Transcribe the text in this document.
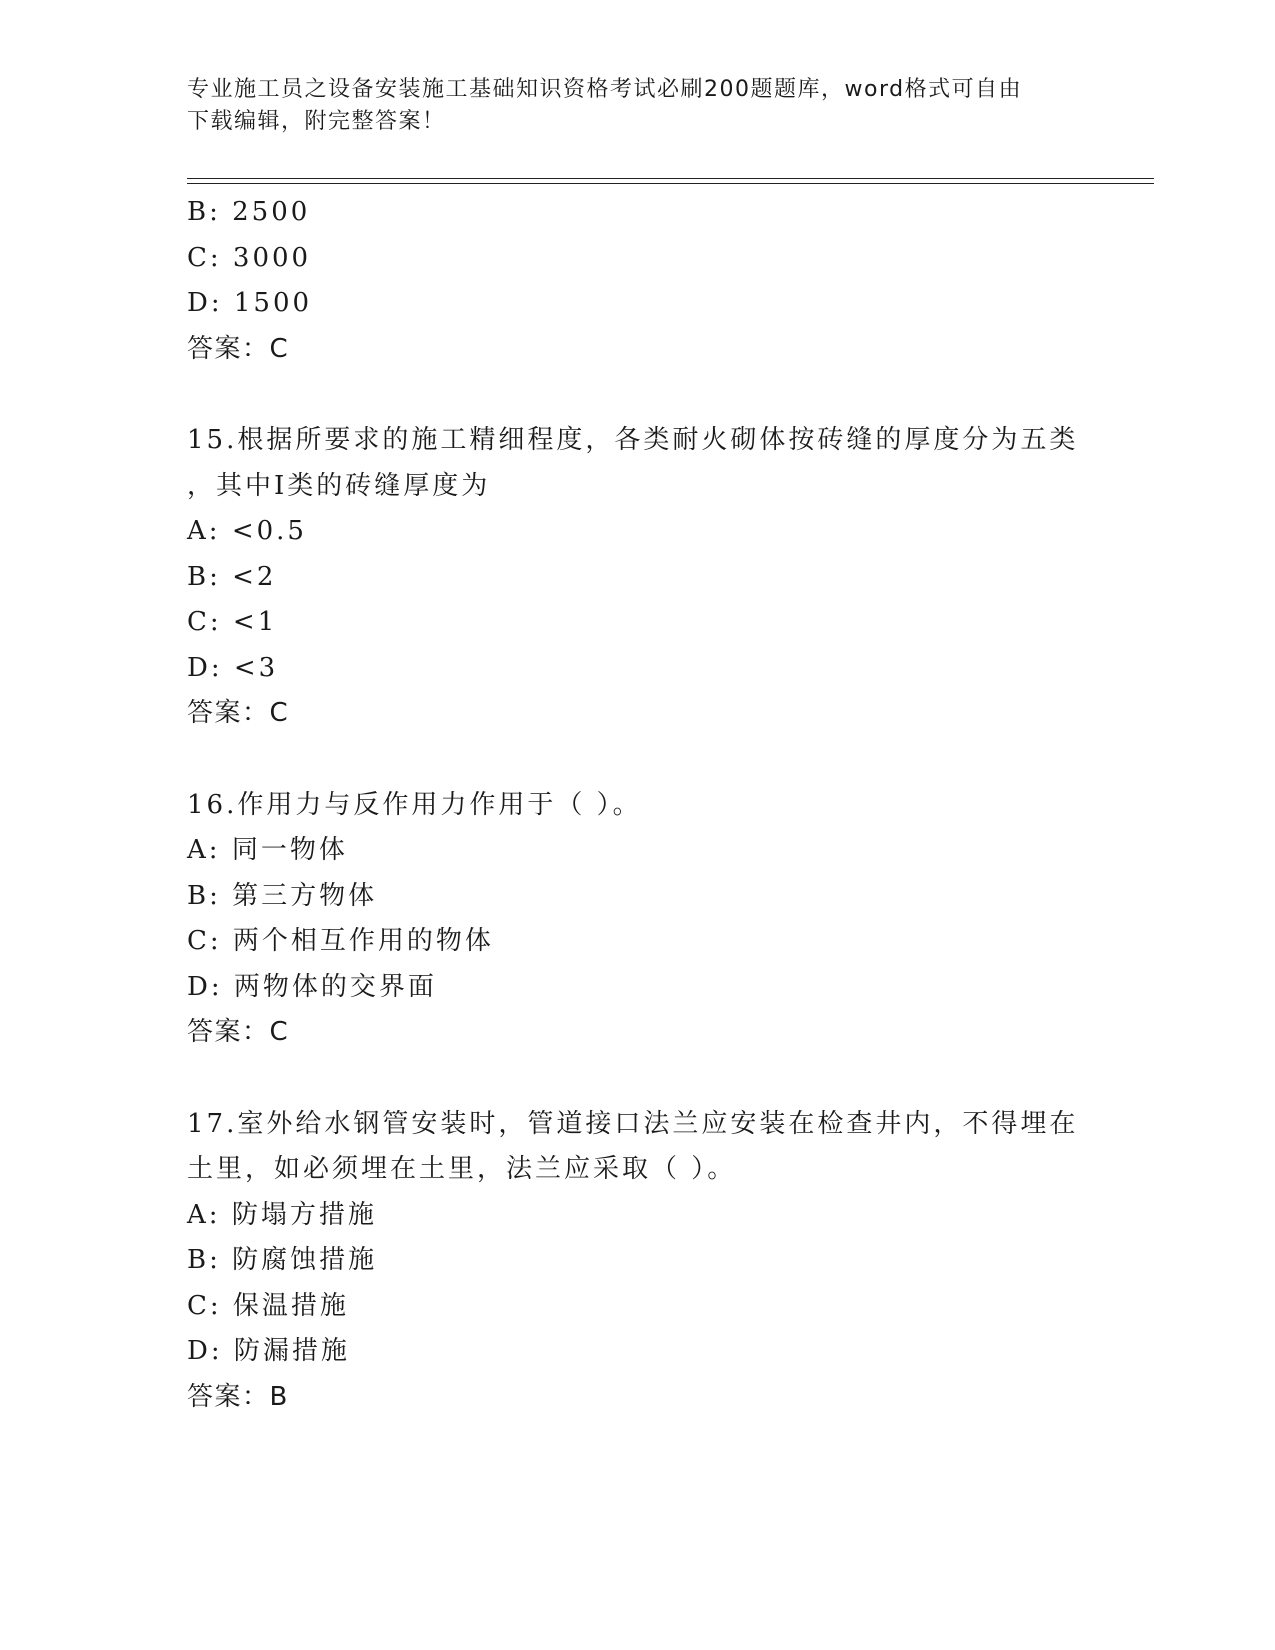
专业施工员之设备安装施工基础知识资格考试必刷200题题库，word格式可自由
下载编辑，附完整答案！
B: 2500
C: 3000
D: 1500
答案：C
15.根据所要求的施工精细程度，各类耐火砌体按砖缝的厚度分为五类
，其中Ⅰ类的砖缝厚度为
A: <0.5
B: <2
C: <1
D: <3
答案：C
16.作用力与反作用力作用于（ ）。
A: 同一物体
B: 第三方物体
C: 两个相互作用的物体
D: 两物体的交界面
答案：C
17.室外给水钢管安装时，管道接口法兰应安装在检查井内，不得埋在
土里，如必须埋在土里，法兰应采取（ ）。
A: 防塌方措施
B: 防腐蚀措施
C: 保温措施
D: 防漏措施
答案：B
